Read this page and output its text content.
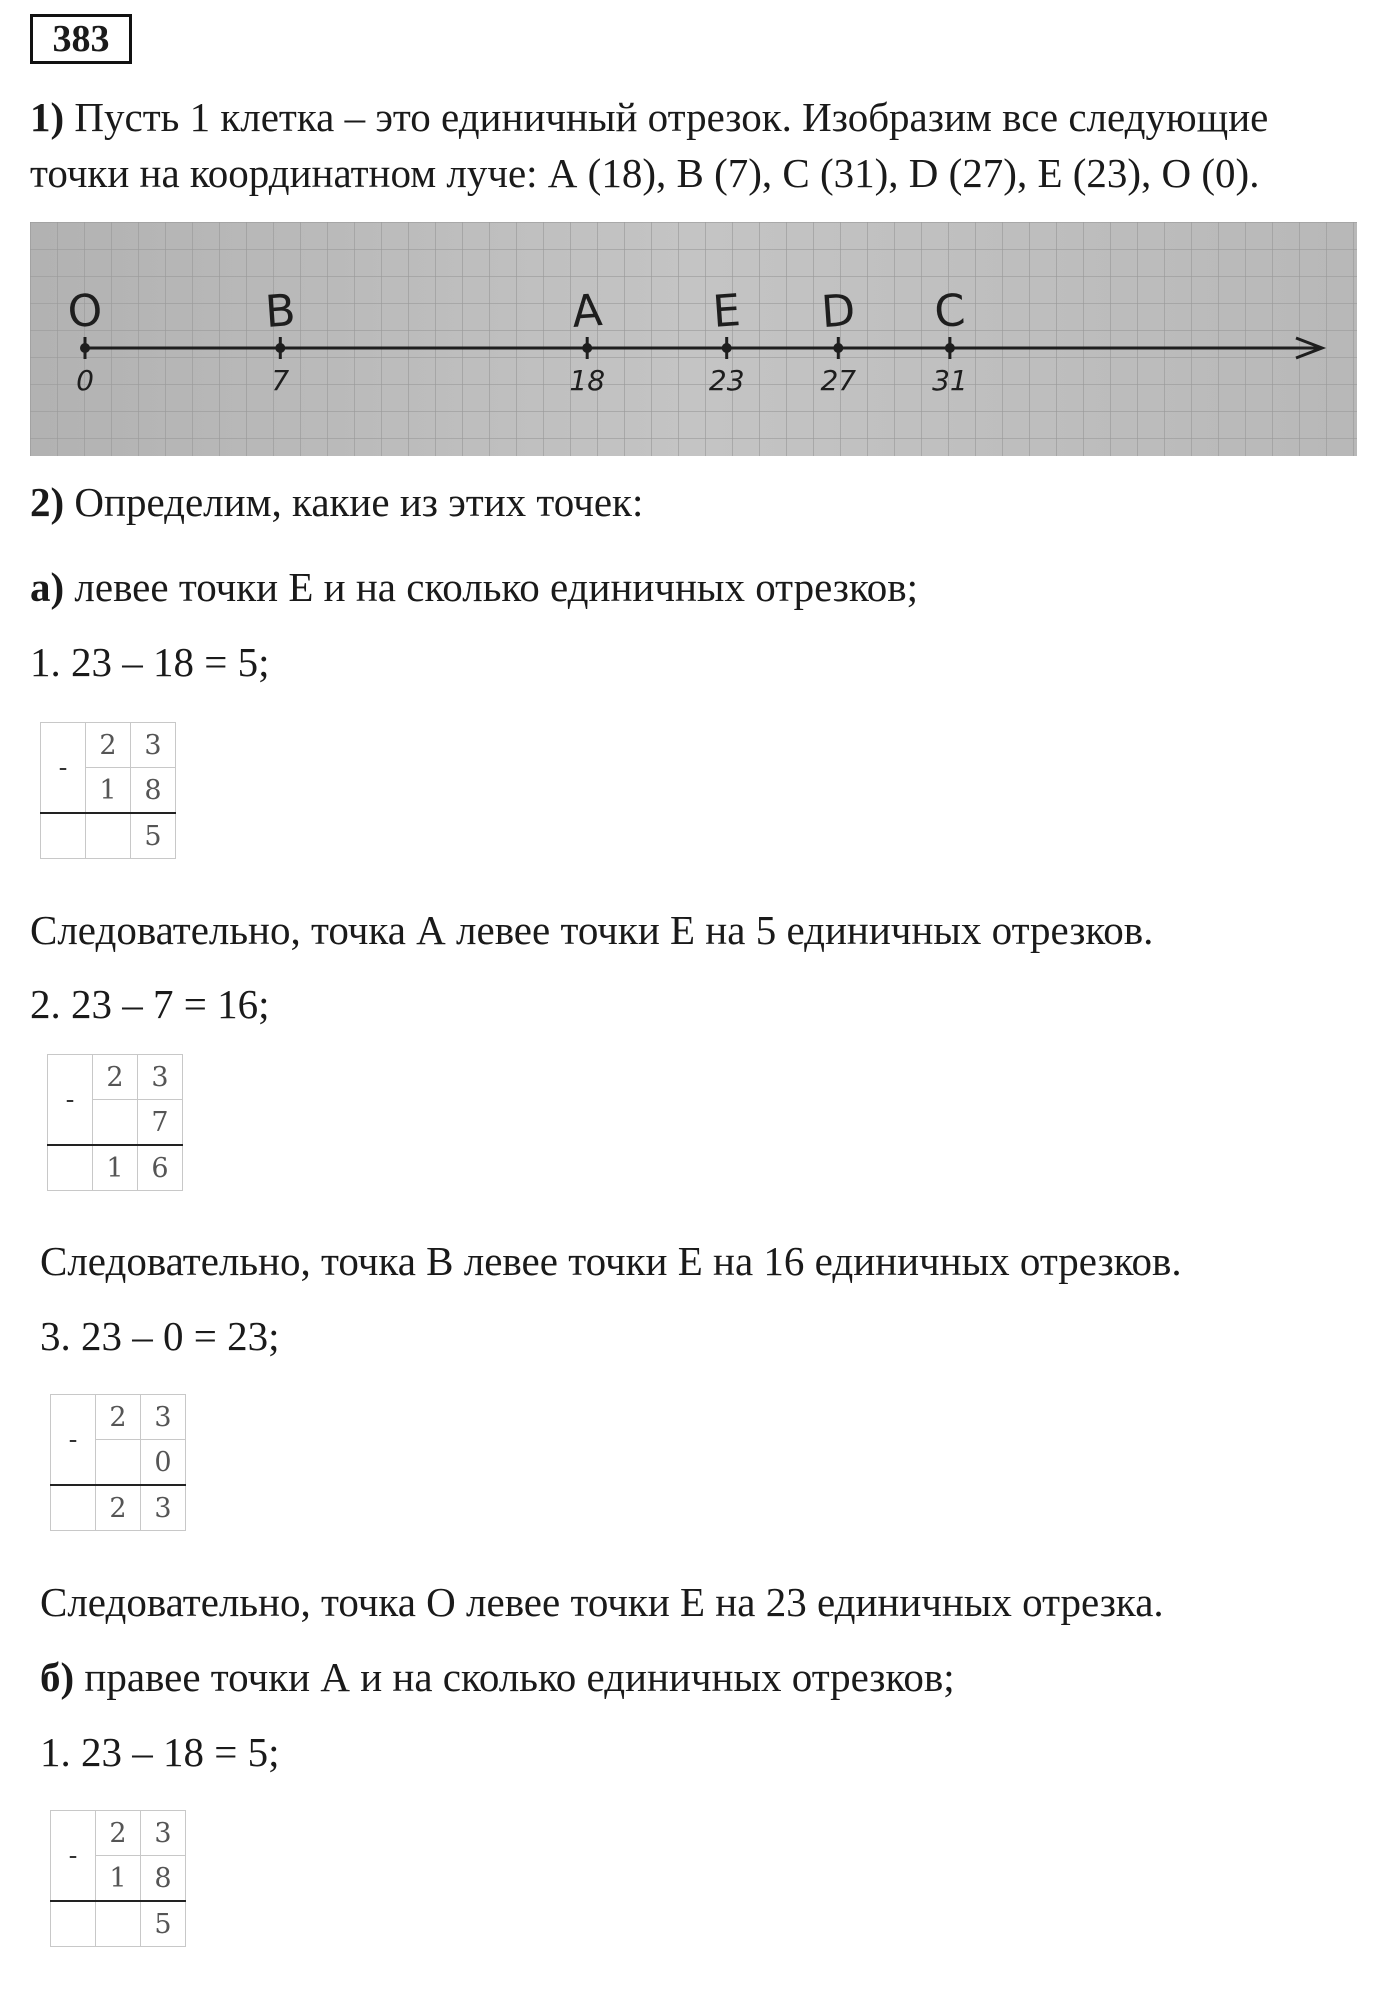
383
1) Пусть 1 клетка – это единичный отрезок. Изобразим все следующие
точки на координатном луче: А (18), В (7), С (31), D (27), Е (23), О (0).
O
0
B
7
A
18
E
23
D
27
C
31
2) Определим, какие из этих точек:
а) левее точки Е и на сколько единичных отрезков;
1. 23 – 18 = 5;
-	2	3
	1	8
		5
Следовательно, точка А левее точки Е на 5 единичных отрезков.
2. 23 – 7 = 16;
-	2	3
		7
	1	6
Следовательно, точка В левее точки Е на 16 единичных отрезков.
3. 23 – 0 = 23;
-	2	3
		0
	2	3
Следовательно, точка О левее точки Е на 23 единичных отрезка.
б) правее точки А и на сколько единичных отрезков;
1. 23 – 18 = 5;
-	2	3
	1	8
		5
